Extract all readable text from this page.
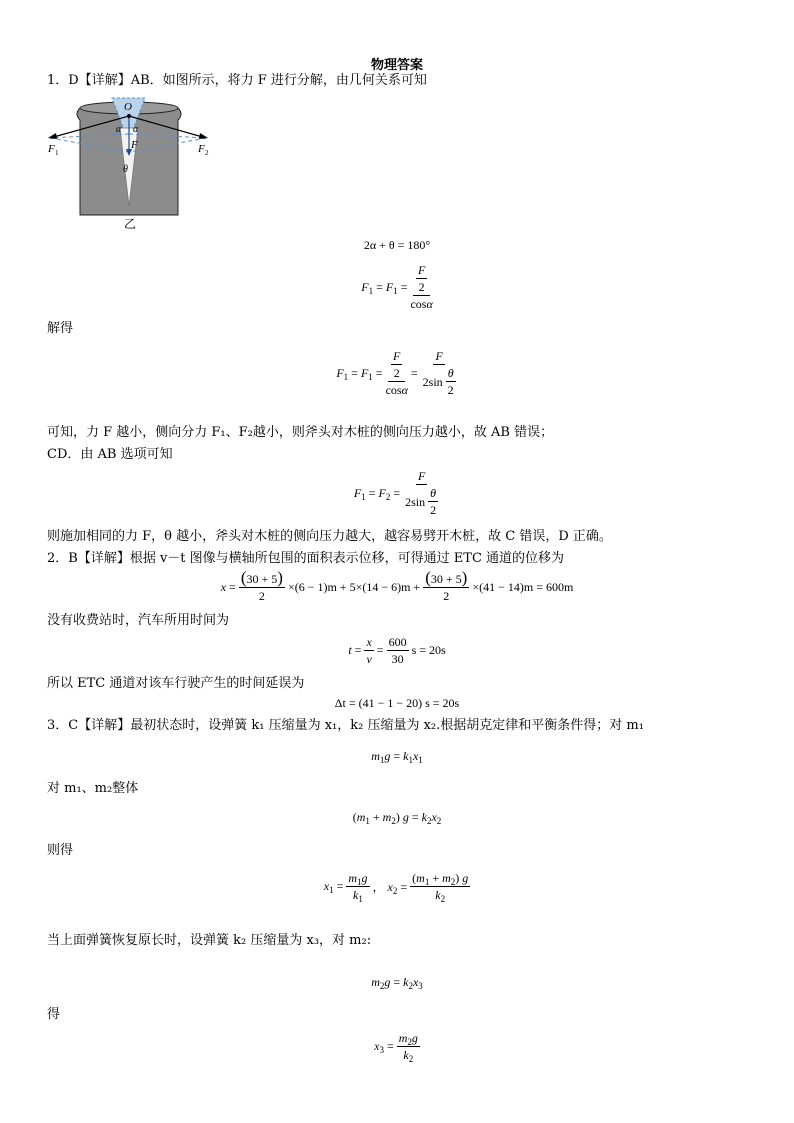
物理答案
1．D【详解】AB．如图所示，将力 F 进行分解，由几何关系可知
O
α α
F
θ
F 1	F 2
乙
2α + θ = 180°
$F_1 = F_1 = \frac{\frac{F}{2}}{\cos\alpha}$
解得
$F_1 = F_1 = \frac{\frac{F}{2}}{\cos\alpha} = \frac{F}{2\sin \frac{\theta}{2}}$
可知，力 F 越小，侧向分力 F₁、F₂越小，则斧头对木桩的侧向压力越小，故 AB 错误；
CD．由 AB 选项可知
$F_1 = F_2 = \frac{F}{2\sin \frac{\theta}{2}}$
则施加相同的力 F，θ 越小，斧头对木桩的侧向压力越大，越容易劈开木桩，故 C 错误，D 正确。
2．B【详解】根据 v－t 图像与横轴所包围的面积表示位移，可得通过 ETC 通道的位移为
$x = \frac{(30 + 5)}{2} \times(6 - 1)m + 5\times(14 - 6)m + \frac{(30 + 5)}{2} \times(41 - 14)m = 600m$
没有收费站时，汽车所用时间为
$t = \frac{x}{v} = \frac{600}{30}$ s = 20s
所以 ETC 通道对该车行驶产生的时间延误为
Δt = (41 − 1 − 20) s = 20s
3．C【详解】最初状态时，设弹簧 k₁ 压缩量为 x₁，k₂ 压缩量为 x₂.根据胡克定律和平衡条件得；对 m₁
$m_1g = k_1x_1$
对 m₁、m₂整体
$(m_1 + m_2) g = k_2x_2$
则得
$x_1 = \frac{m_1g}{k_1}$ ， $x_2 = \frac{(m_1 + m_2) g}{k_2}$
当上面弹簧恢复原长时，设弹簧 k₂ 压缩量为 x₃，对 m₂:
$m_2g = k_2x_3$
得
$x_3 = \frac{m_2g}{k_2}$
